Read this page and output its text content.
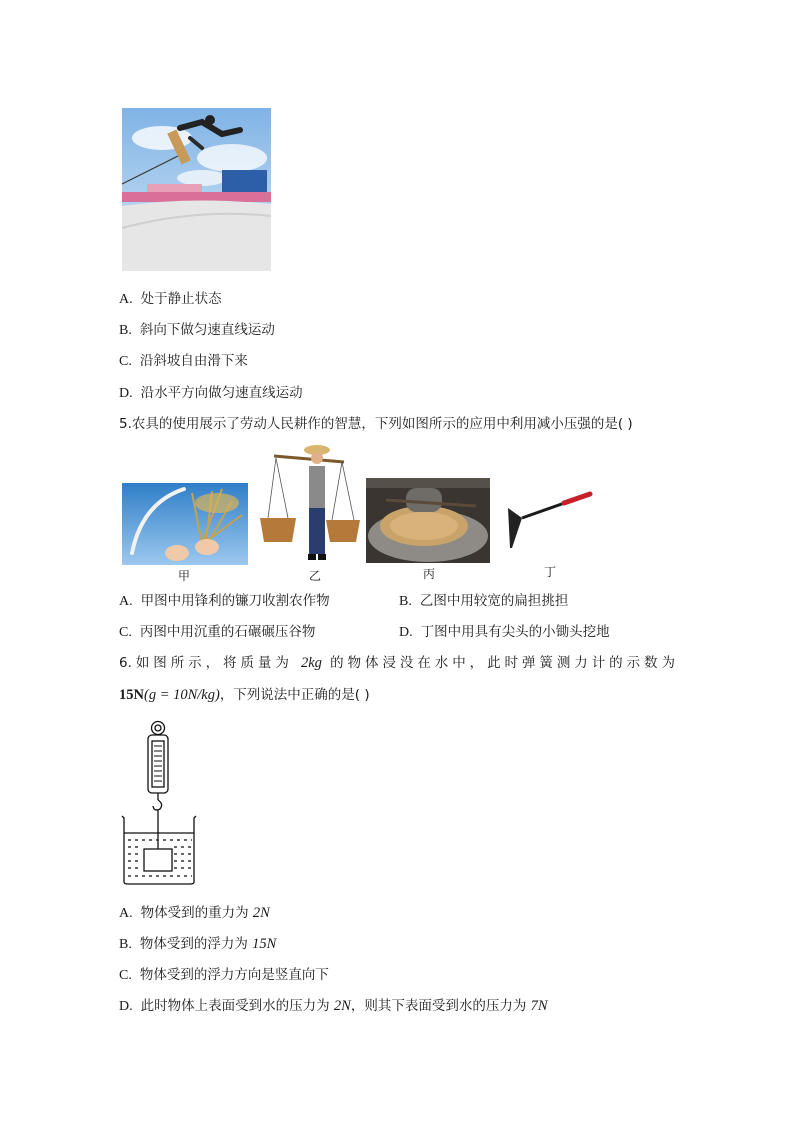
A. 处于静止状态
B. 斜向下做匀速直线运动
C. 沿斜坡自由滑下来
D. 沿水平方向做匀速直线运动
5.农具的使用展示了劳动人民耕作的智慧，下列如图所示的应用中利用减小压强的是( )
甲	乙	丙	丁
A. 甲图中用锋利的镰刀收割农作物	B. 乙图中用较宽的扁担挑担
C. 丙图中用沉重的石碾碾压谷物	D. 丁图中用具有尖头的小锄头挖地
6.如图所示，将质量为 2kg 的物体浸没在水中，此时弹簧测力计的示数为
15N(g = 10N/kg)，下列说法中正确的是( )
A. 物体受到的重力为 2N
B. 物体受到的浮力为 15N
C. 物体受到的浮力方向是竖直向下
D. 此时物体上表面受到水的压力为 2N，则其下表面受到水的压力为 7N
